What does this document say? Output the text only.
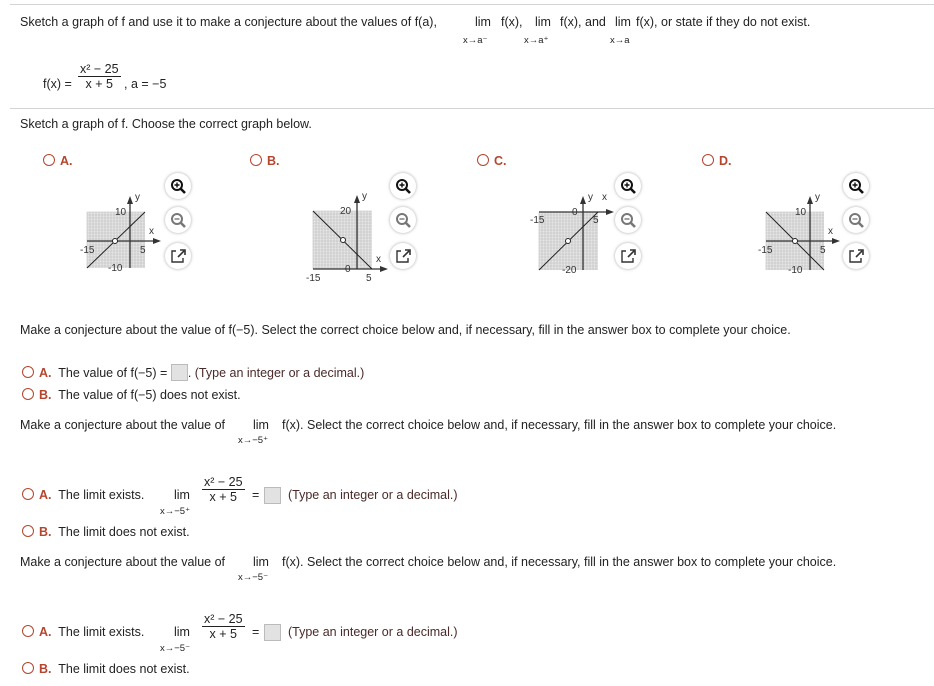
Sketch a graph of f and use it to make a conjecture about the values of f(a),	lim f(x), lim f(x), and lim f(x), or state if they do not exist.
x→a⁻	x→a⁺	x→a
$f(x) = \frac{\text{x² − 25}}{x + 5}$ , a = −5
Sketch a graph of f. Choose the correct graph below.
A.
y
x
10
-10
-15	5
B.
y
x
20
0
-15	5
C.
y x
0
-20
-15	5
D.
y
x
10
-10
-15	5
Make a conjecture about the value of f(−5). Select the correct choice below and, if necessary, fill in the answer box to complete your choice.
A. The value of f(−5) = . (Type an integer or a decimal.)
B. The value of f(−5) does not exist.
Make a conjecture about the value of lim f(x). Select the correct choice below and, if necessary, fill in the answer box to complete your choice.
x→−5⁺
A. The limit exists. lim
x→−5⁺
$\frac{\text{x² − 25}}{x + 5}$ = (Type an integer or a decimal.)
B. The limit does not exist.
Make a conjecture about the value of lim f(x). Select the correct choice below and, if necessary, fill in the answer box to complete your choice.
x→−5⁻
A. The limit exists. lim
x→−5⁻
$\frac{\text{x² − 25}}{x + 5}$ = (Type an integer or a decimal.)
B. The limit does not exist.
